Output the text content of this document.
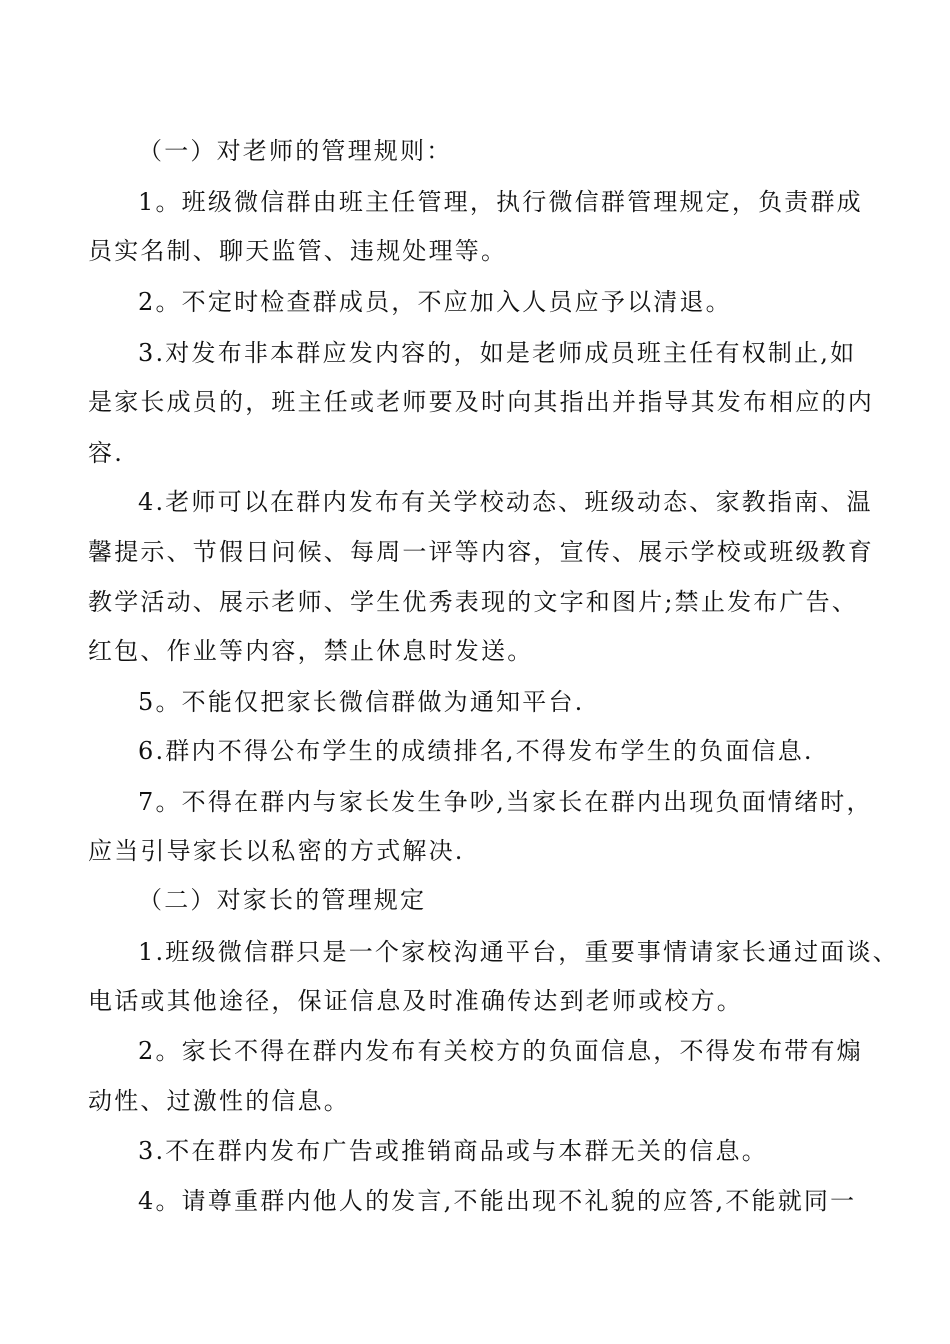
（一）对老师的管理规则：
1。班级微信群由班主任管理，执行微信群管理规定，负责群成
员实名制、聊天监管、违规处理等。
2。不定时检查群成员，不应加入人员应予以清退。
3.对发布非本群应发内容的，如是老师成员班主任有权制止,如
是家长成员的，班主任或老师要及时向其指出并指导其发布相应的内
容.
4.老师可以在群内发布有关学校动态、班级动态、家教指南、温
馨提示、节假日问候、每周一评等内容，宣传、展示学校或班级教育
教学活动、展示老师、学生优秀表现的文字和图片;禁止发布广告、
红包、作业等内容，禁止休息时发送。
5。不能仅把家长微信群做为通知平台.
6.群内不得公布学生的成绩排名,不得发布学生的负面信息.
7。不得在群内与家长发生争吵,当家长在群内出现负面情绪时，
应当引导家长以私密的方式解决.
（二）对家长的管理规定
1.班级微信群只是一个家校沟通平台，重要事情请家长通过面谈、
电话或其他途径，保证信息及时准确传达到老师或校方。
2。家长不得在群内发布有关校方的负面信息，不得发布带有煽
动性、过激性的信息。
3.不在群内发布广告或推销商品或与本群无关的信息。
4。请尊重群内他人的发言,不能出现不礼貌的应答,不能就同一
